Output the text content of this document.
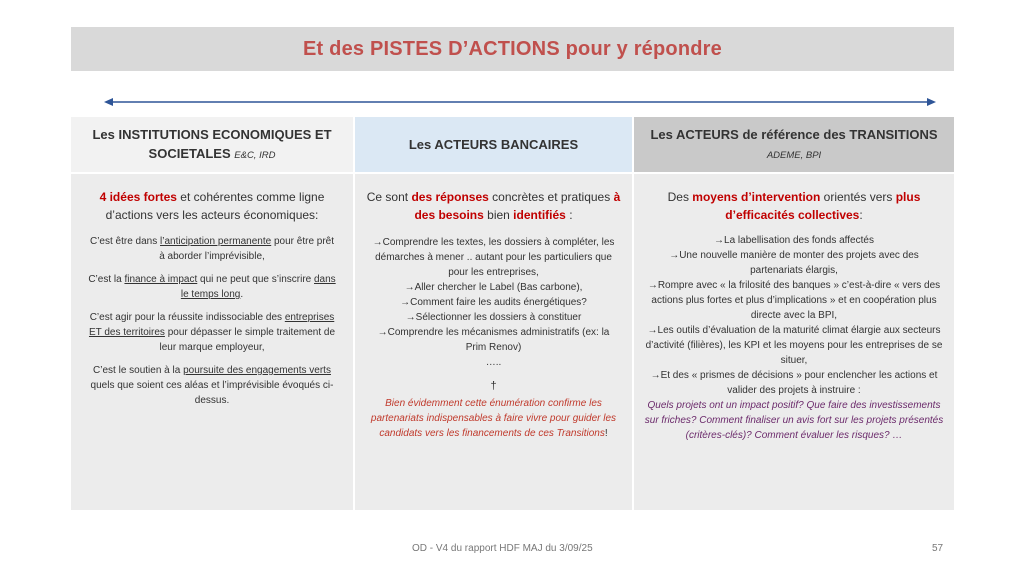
Et des PISTES D’ACTIONS pour y répondre
Les INSTITUTIONS ECONOMIQUES ET SOCIETALES E&C, IRD
4 idées fortes et cohérentes comme ligne d’actions vers les acteurs économiques:

C’est être dans l’anticipation permanente pour être prêt à aborder l’imprévisible,

C’est la finance à impact qui ne peut que s’inscrire dans le temps long.

C’est agir pour la réussite indissociable des entreprises ET des territoires pour dépasser le simple traitement de leur marque employeur,

C’est le soutien à la poursuite des engagements verts quels que soient ces aléas et l’imprévisible évoqués ci-dessus.

Les ACTEURS BANCAIRES
Ce sont des réponses concrètes et pratiques à des besoins bien identifiés :
→Comprendre les textes, les dossiers à compléter, les démarches à mener .. autant pour les particuliers que pour les entreprises,
→Aller chercher le Label (Bas carbone),
→Comment faire les audits énergétiques?
→Sélectionner les dossiers à constituer
→Comprendre les mécanismes administratifs (ex: la Prim Renov)
…..
†
Bien évidemment cette énumération confirme les partenariats indispensables à faire vivre pour guider les candidats vers les financements de ces Transitions!
Les ACTEURS de référence des TRANSITIONS ADEME, BPI
Des moyens d’intervention orientés vers plus d’efficacités collectives:
→La labellisation des fonds affectés
→Une nouvelle manière de monter des projets avec des partenariats élargis,
→Rompre avec « la frilosité des banques » c’est-à-dire « vers des actions plus fortes et plus d’implications » et en coopération plus directe avec la BPI,
→Les outils d’évaluation de la maturité climat élargie aux secteurs d’activité (filières), les KPI et les moyens pour les entreprises de se situer,
→Et des « prismes de décisions » pour enclencher les actions et valider des projets à instruire :
Quels projets ont un impact positif? Que faire des investissements sur friches? Comment finaliser un avis fort sur les projets présentés (critères-clés)? Comment évaluer les risques? …
OD - V4 du rapport HDF MAJ du 3/09/25	57
